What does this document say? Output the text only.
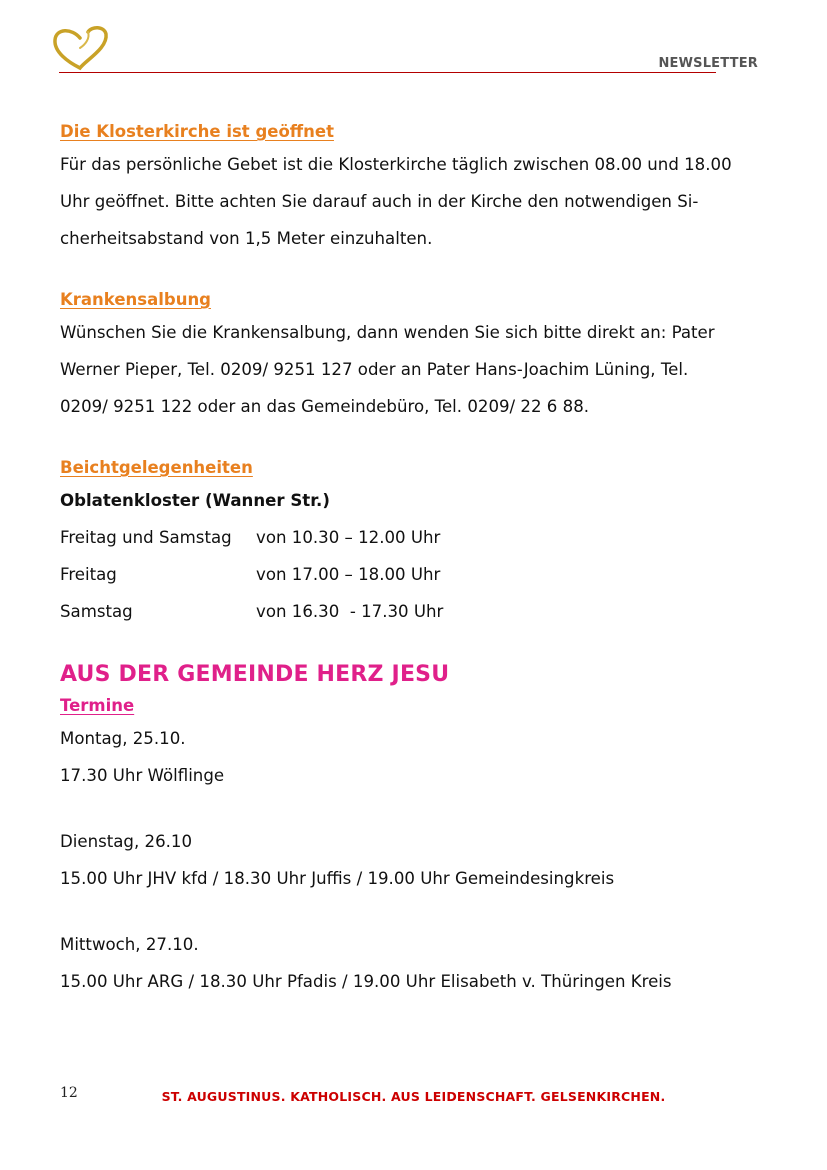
NEWSLETTER
Die Klosterkirche ist geöffnet

Für das persönliche Gebet ist die Klosterkirche täglich zwischen 08.00 und 18.00

Uhr geöffnet. Bitte achten Sie darauf auch in der Kirche den notwendigen Si-

cherheitsabstand von 1,5 Meter einzuhalten.

Krankensalbung

Wünschen Sie die Krankensalbung, dann wenden Sie sich bitte direkt an: Pater

Werner Pieper, Tel. 0209/ 9251 127 oder an Pater Hans-Joachim Lüning, Tel.

0209/ 9251 122 oder an das Gemeindebüro, Tel. 0209/ 22 6 88.

Beichtgelegenheiten

Oblatenkloster (Wanner Str.)

Freitag und Samstag	von 10.30 – 12.00 Uhr
Freitag	von 17.00 – 18.00 Uhr
Samstag	von 16.30  - 17.30 Uhr
AUS DER GEMEINDE HERZ JESU
Termine

Montag, 25.10.

17.30 Uhr Wölflinge

Dienstag, 26.10

15.00 Uhr JHV kfd / 18.30 Uhr Juffis / 19.00 Uhr Gemeindesingkreis

Mittwoch, 27.10.

15.00 Uhr ARG / 18.30 Uhr Pfadis / 19.00 Uhr Elisabeth v. Thüringen Kreis

12	ST. AUGUSTINUS. KATHOLISCH. AUS LEIDENSCHAFT. GELSENKIRCHEN.
